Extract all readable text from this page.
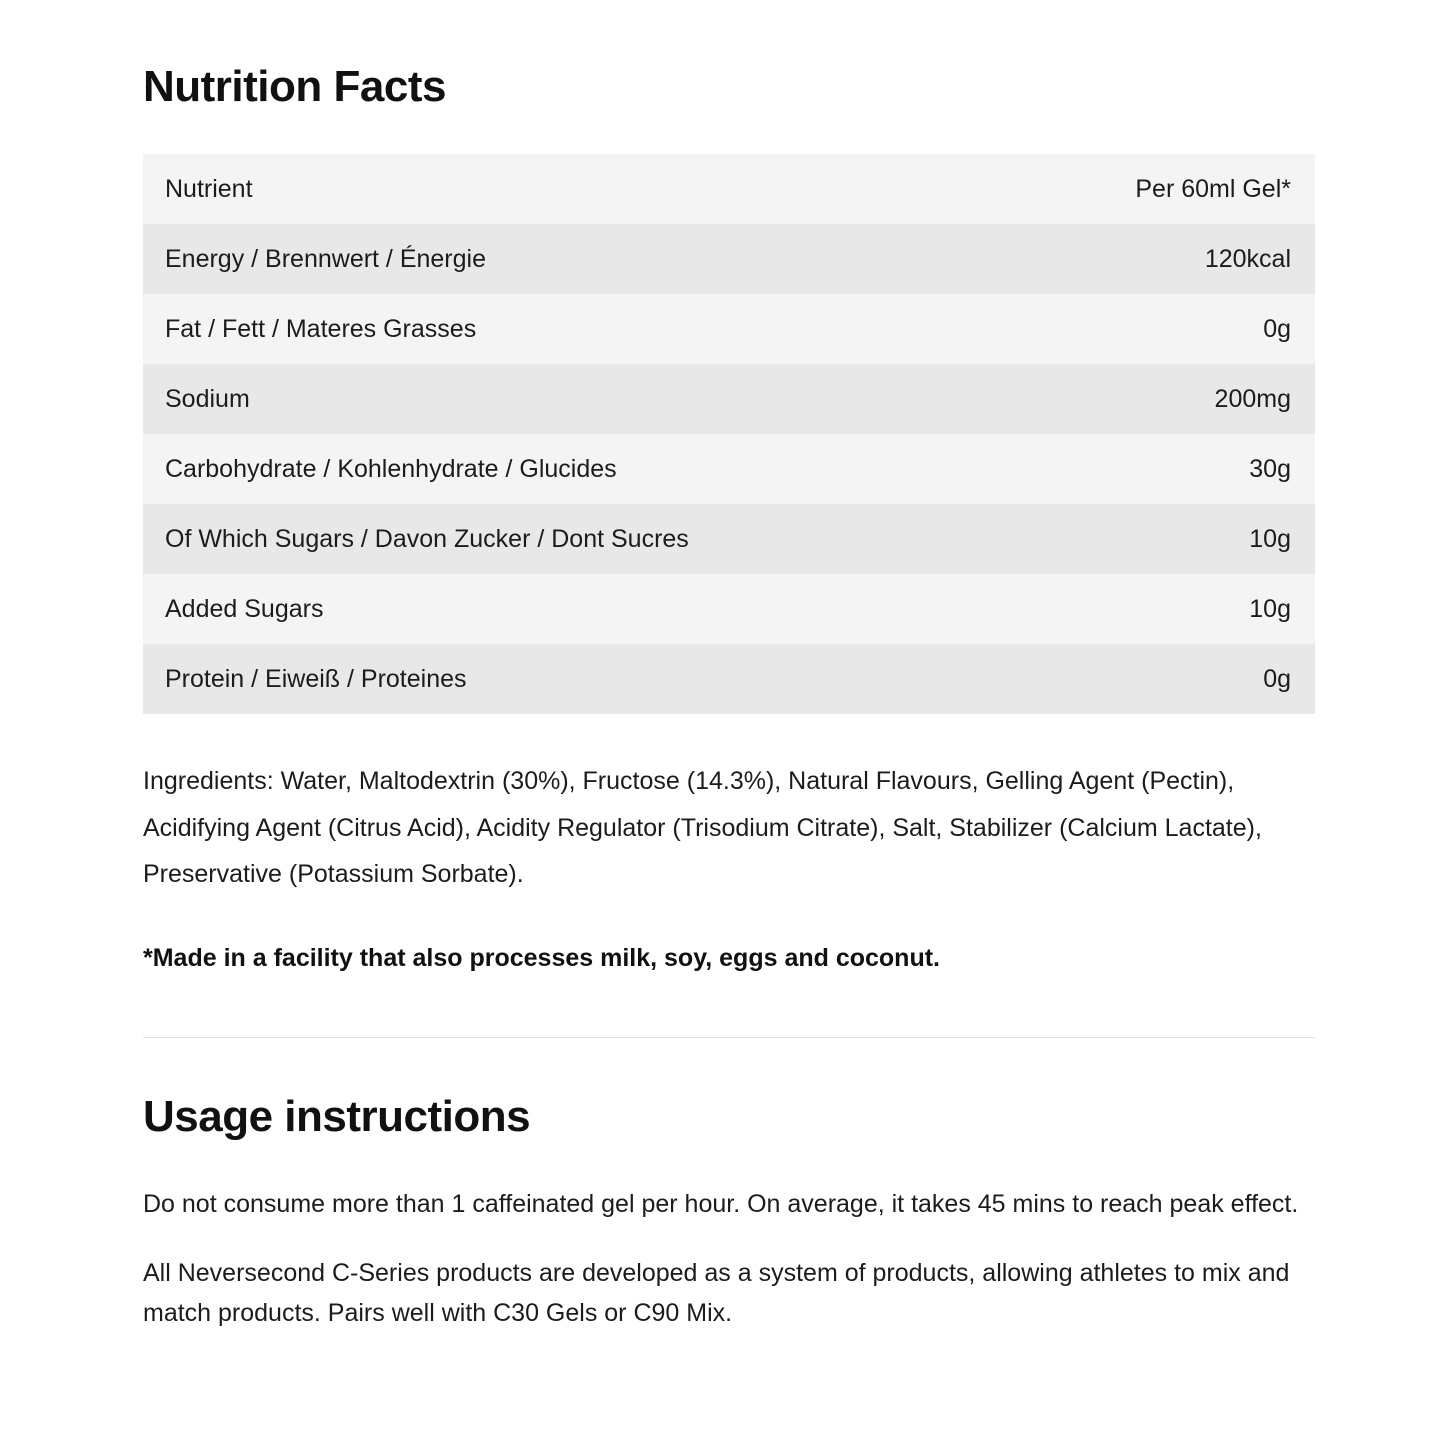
Nutrition Facts
Nutrient	Per 60ml Gel*
Energy / Brennwert / Énergie	120kcal
Fat / Fett / Materes Grasses	0g
Sodium	200mg
Carbohydrate / Kohlenhydrate / Glucides	30g
Of Which Sugars / Davon Zucker / Dont Sucres	10g
Added Sugars	10g
Protein / Eiweiß / Proteines	0g

Ingredients: Water, Maltodextrin (30%), Fructose (14.3%), Natural Flavours, Gelling Agent (Pectin), Acidifying Agent (Citrus Acid), Acidity Regulator (Trisodium Citrate), Salt, Stabilizer (Calcium Lactate), Preservative (Potassium Sorbate).

*Made in a facility that also processes milk, soy, eggs and coconut.

Usage instructions

Do not consume more than 1 caffeinated gel per hour. On average, it takes 45 mins to reach peak effect.

All Neversecond C-Series products are developed as a system of products, allowing athletes to mix and match products. Pairs well with C30 Gels or C90 Mix.
